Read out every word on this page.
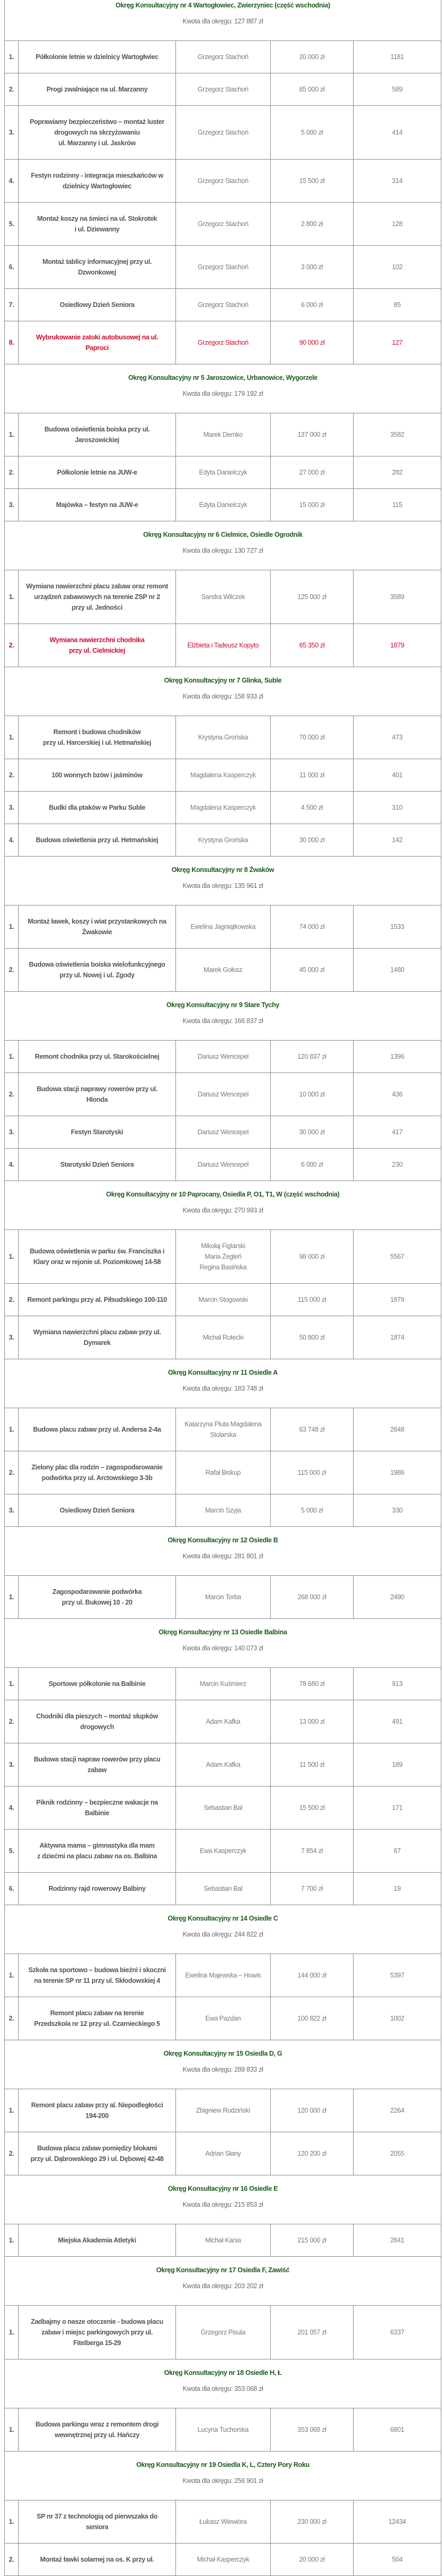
Okręg Konsultacyjny nr 4 Wartogłowiec, Zwierzyniec (część wschodnia)
Kwota dla okręgu: 127 887 zł				

1.	Półkolonie letnie w dzielnicy Wartogłwiec	Grzegorz Stachoń	20 000 zł	1181
2.	Progi zwalniające na ul. Marzanny	Grzegorz Stachoń	65 000 zł	589
3.	Poprawiamy bezpieczeństwo – montaż luster
drogowych na skrzyżowaniu
ul. Marzanny i ul. Jaskrów	Grzegorz Stachoń	5 000 zł	414
4.	Festyn rodzinny - integracja mieszkańców w
dzielnicy Wartogłowiec	Grzegorz Stachoń	15 500 zł	314
5.	Montaż koszy na śmieci na ul. Stokrotek
i ul. Dziewanny	Grzegorz Stachoń	2 800 zł	128
6.	Montaż tablicy informacyjnej przy ul.
Dzwonkowej	Grzegorz Stachoń	3 000 zł	102
7.	Osiedlowy Dzień Seniora	Grzegorz Stachoń	6 000 zł	85
8.	Wybrukowanie zatoki autobusowej na ul.
Paproci	Grzegorz Stachoń	90 000 zł	127

Okręg Konsultacyjny nr 5 Jaroszowice, Urbanowice, Wygorzele
Kwota dla okręgu: 179 192 zł				

1.	Budowa oświetlenia boiska przy ul.
Jaroszowickiej	Marek Demko	137 000 zł	3582
2.	Półkolonie letnie na JUW-e	Edyta Danielczyk	27 000 zł	282
3.	Majówka – festyn na JUW-e	Edyta Danielczyk	15 000 zł	115

Okręg Konsultacyjny nr 6 Cielmice, Osiedle Ogrodnik
Kwota dla okręgu: 130 727 zł				

1.	Wymiana nawierzchni placu zabaw oraz remont
urządzeń zabawowych na terenie ZSP nr 2
przy ul. Jedności	Sandra Wilczek	125 000 zł	3589
2.	Wymiana nawierzchni chodnika
przy ul. Cielmickiej	Elżbieta i Tadeusz Kopyto	65 350 zł	1879

Okręg Konsultacyjny nr 7 Glinka, Suble
Kwota dla okręgu: 158 933 zł				

1.	Remont i budowa chodników
przy ul. Harcerskiej i ul. Hetmańskiej	Krystyna Grońska	70 000 zł	473
2.	100 wonnych bzów i jaśminów	Magdalena Kasperczyk	11 000 zł	401
3.	Budki dla ptaków w Parku Suble	Magdalena Kasperczyk	4 500 zł	310
4.	Budowa oświetlenia przy ul. Hetmańskiej	Krystyna Grońska	30 000 zł	142

Okręg Konsultacyjny nr 8 Żwaków
Kwota dla okręgu: 135 961 zł				

1.	Montaż ławek, koszy i wiat przystankowych na
Żwakowie	Ewelina Jagniątkowska	74 000 zł	1533
2.	Budowa oświetlenia boiska wielofunkcyjnego
przy ul. Nowej i ul. Zgody	Marek Gołosz	45 000 zł	1480

Okręg Konsultacyjny nr 9 Stare Tychy
Kwota dla okręgu: 166 837 zł				

1.	Remont chodnika przy ul. Starokościelnej	Dariusz Wencepel	120 837 zł	1396
2.	Budowa stacji naprawy rowerów przy ul.
Hlonda	Dariusz Wencepel	10 000 zł	436
3.	Festyn Starotyski	Dariusz Wencepel	30 000 zł	417
4.	Starotyski Dzień Seniora	Dariusz Wencepel	6 000 zł	230

Okręg Konsultacyjny nr 10 Paprocany, Osiedla P, O1, T1, W (część wschodnia)
Kwota dla okręgu: 270 993 zł				

1.	Budowa oświetlenia w parku św. Franciszka i
Klary oraz w rejonie ul. Poziomkowej 14-58	Mikołaj Figlarski
Maria Żegleń
Regina Basińska	98 000 zł	5567
2.	Remont parkingu przy al. Piłsudskiego 100-110	Marcin Stogowski	115 000 zł	1879
3.	Wymiana nawierzchni placu zabaw przy ul.
Dymarek	Michał Rutecki	50 800 zł	1874

Okręg Konsultacyjny nr 11 Osiedle A
Kwota dla okręgu: 183 748 zł				

1.	Budowa placu zabaw przy ul. Andersa 2-4a	Katarzyna Pluta Magdalena
Stolarska	63 748 zł	2848
2.	Zielony plac dla rodzin – zagospodarowanie
podwórka przy ul. Arctowskiego 3-3b	Rafał Biskup	115 000 zł	1986
3.	Osiedlowy Dzień Seniora	Marcin Szyja	5 000 zł	330

Okręg Konsultacyjny nr 12 Osiedle B
Kwota dla okręgu: 281 801 zł				

1.	Zagospodarowanie podwórka
przy ul. Bukowej 10 - 20	Marcin Torba	268 000 zł	2490

Okręg Konsultacyjny nr 13 Osiedle Balbina
Kwota dla okręgu: 140 073 zł				

1.	Sportowe półkolonie na Balbinie	Marcin Kuśmierz	78 680 zł	913
2.	Chodniki dla pieszych – montaż słupków
drogowych	Adam Kafka	13 000 zł	491
3.	Budowa stacji napraw rowerów przy placu
zabaw	Adam Kafka	11 500 zł	189
4.	Piknik rodzinny – bezpieczne wakacje na
Balbinie	Sebastian Bal	15 500 zł	171
5.	Aktywna mama – gimnastyka dla mam
z dziećmi na placu zabaw na os. Balbina	Ewa Kasperczyk	7 854 zł	67
6.	Rodzinny rajd rowerowy Balbiny	Sebastian Bal	7 700 zł	19

Okręg Konsultacyjny nr 14 Osiedle C
Kwota dla okręgu: 244 822 zł				

1.	Szkoła na sportowo – budowa bieżni i skoczni
na terenie SP nr 11 przy ul. Skłodowskiej 4	Ewelina Majewska – Howis	144 000 zł	5397
2.	Remont placu zabaw na terenie
Przedszkola nr 12 przy ul. Czarnieckiego 5	Ewa Pazdan	100 822 zł	1002

Okręg Konsultacyjny nr 15 Osiedla D, G
Kwota dla okręgu: 289 833 zł				

1.	Remont placu zabaw przy al. Niepodległości
194-200	Zbigniew Rudziński	120 000 zł	2264
2.	Budowa placu zabaw pomiędzy blokami
przy ul. Dąbrowskiego 29 i ul. Dębowej 42-48	Adrian Słany	120 200 zł	2055

Okręg Konsultacyjny nr 16 Osiedle E
Kwota dla okręgu: 215 853 zł				

1.	Miejska Akademia Atletyki	Michał Kania	215 000 zł	2841

Okręg Konsultacyjny nr 17 Osiedla F, Zawiść
Kwota dla okręgu: 203 202 zł				

1.	Zadbajmy o nasze otoczenie - budowa placu
zabaw i miejsc parkingowych przy ul.
Fitelberga 15-29	Grzegorz Pisula	201 057 zł	6337

Okręg Konsultacyjny nr 18 Osiedle H, Ł
Kwota dla okręgu: 353 068 zł				

1.	Budowa parkingu wraz z remontem drogi
wewnętrznej przy ul. Hańczy	Lucyna Tuchorska	353 068 zł	6801

Okręg Konsultacyjny nr 19 Osiedla K, L, Cztery Pory Roku
Kwota dla okręgu: 256 901 zł				

1.	SP nr 37 z technologią od pierwszaka do
seniora	Łukasz Wiewióra	230 000 zł	12434
2.	Montaż ławki solarnej na os. K przy ul.	Michał Kasperczyk	20 000 zł	504
